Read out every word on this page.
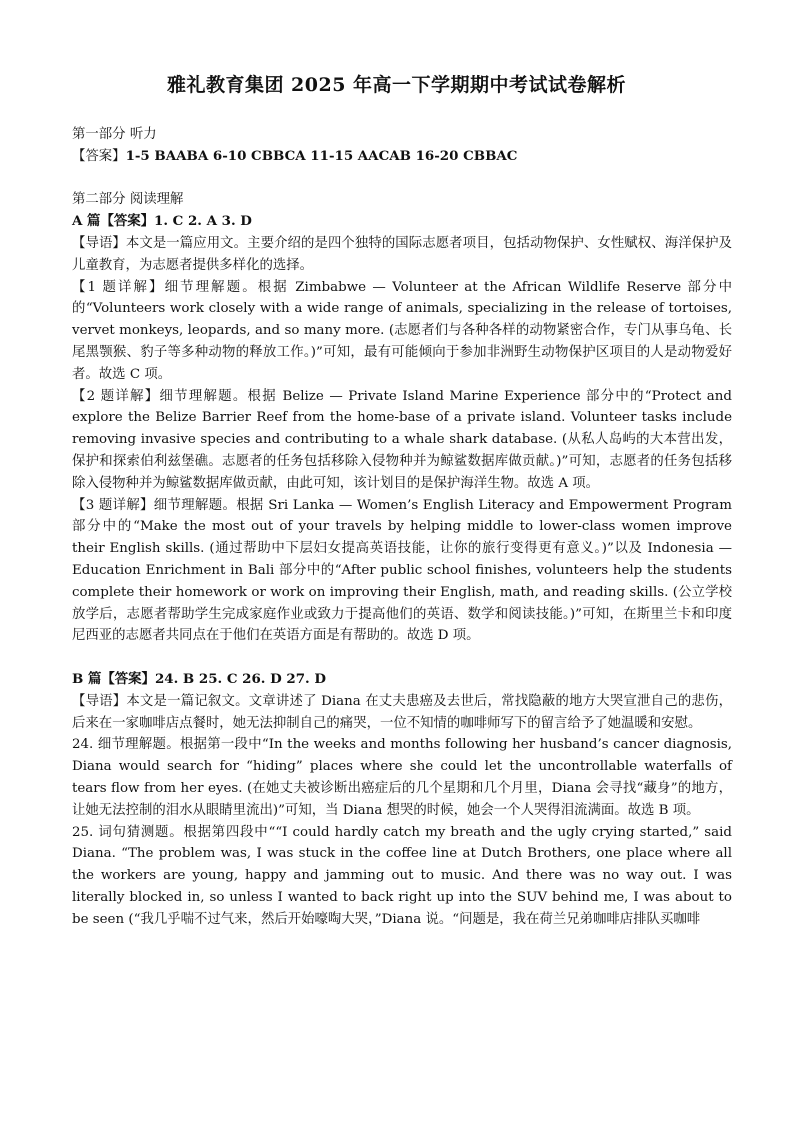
雅礼教育集团 2025 年高一下学期期中考试试卷解析

第一部分 听力

【答案】1-5 BAABA 6-10 CBBCA 11-15 AACAB 16-20 CBBAC

第二部分 阅读理解

A 篇【答案】1. C 2. A 3. D

【导语】本文是一篇应用文。主要介绍的是四个独特的国际志愿者项目，包括动物保护、女性赋权、海洋保护及儿童教育，为志愿者提供多样化的选择。

【1 题详解】细节理解题。根据 Zimbabwe — Volunteer at the African Wildlife Reserve 部分中的“Volunteers work closely with a wide range of animals, specializing in the release of tortoises, vervet monkeys, leopards, and so many more. (志愿者们与各种各样的动物紧密合作，专门从事乌龟、长尾黑颚猴、豹子等多种动物的释放工作。)”可知，最有可能倾向于参加非洲野生动物保护区项目的人是动物爱好者。故选 C 项。

【2 题详解】细节理解题。根据 Belize — Private Island Marine Experience 部分中的“Protect and explore the Belize Barrier Reef from the home-base of a private island. Volunteer tasks include removing invasive species and contributing to a whale shark database. (从私人岛屿的大本营出发，保护和探索伯利兹堡礁。志愿者的任务包括移除入侵物种并为鲸鲨数据库做贡献。)”可知，志愿者的任务包括移除入侵物种并为鲸鲨数据库做贡献，由此可知，该计划目的是保护海洋生物。故选 A 项。

【3 题详解】细节理解题。根据 Sri Lanka — Women’s English Literacy and Empowerment Program 部分中的“Make the most out of your travels by helping middle to lower-class women improve their English skills. (通过帮助中下层妇女提高英语技能，让你的旅行变得更有意义。)”以及 Indonesia — Education Enrichment in Bali 部分中的“After public school finishes, volunteers help the students complete their homework or work on improving their English, math, and reading skills. (公立学校放学后，志愿者帮助学生完成家庭作业或致力于提高他们的英语、数学和阅读技能。)”可知，在斯里兰卡和印度尼西亚的志愿者共同点在于他们在英语方面是有帮助的。故选 D 项。

B 篇【答案】24. B 25. C 26. D 27. D

【导语】本文是一篇记叙文。文章讲述了 Diana 在丈夫患癌及去世后，常找隐蔽的地方大哭宣泄自己的悲伤，后来在一家咖啡店点餐时，她无法抑制自己的痛哭，一位不知情的咖啡师写下的留言给予了她温暖和安慰。

24. 细节理解题。根据第一段中“In the weeks and months following her husband’s cancer diagnosis, Diana would search for “hiding” places where she could let the uncontrollable waterfalls of tears flow from her eyes. (在她丈夫被诊断出癌症后的几个星期和几个月里，Diana 会寻找“藏身”的地方，让她无法控制的泪水从眼睛里流出)”可知，当 Diana 想哭的时候，她会一个人哭得泪流满面。故选 B 项。

25. 词句猜测题。根据第四段中““I could hardly catch my breath and the ugly crying started,” said Diana. “The problem was, I was stuck in the coffee line at Dutch Brothers, one place where all the workers are young, happy and jamming out to music. And there was no way out. I was literally blocked in, so unless I wanted to back right up into the SUV behind me, I was about to be seen (“我几乎喘不过气来，然后开始嚎啕大哭，”Diana 说。“问题是，我在荷兰兄弟咖啡店排队买咖啡
